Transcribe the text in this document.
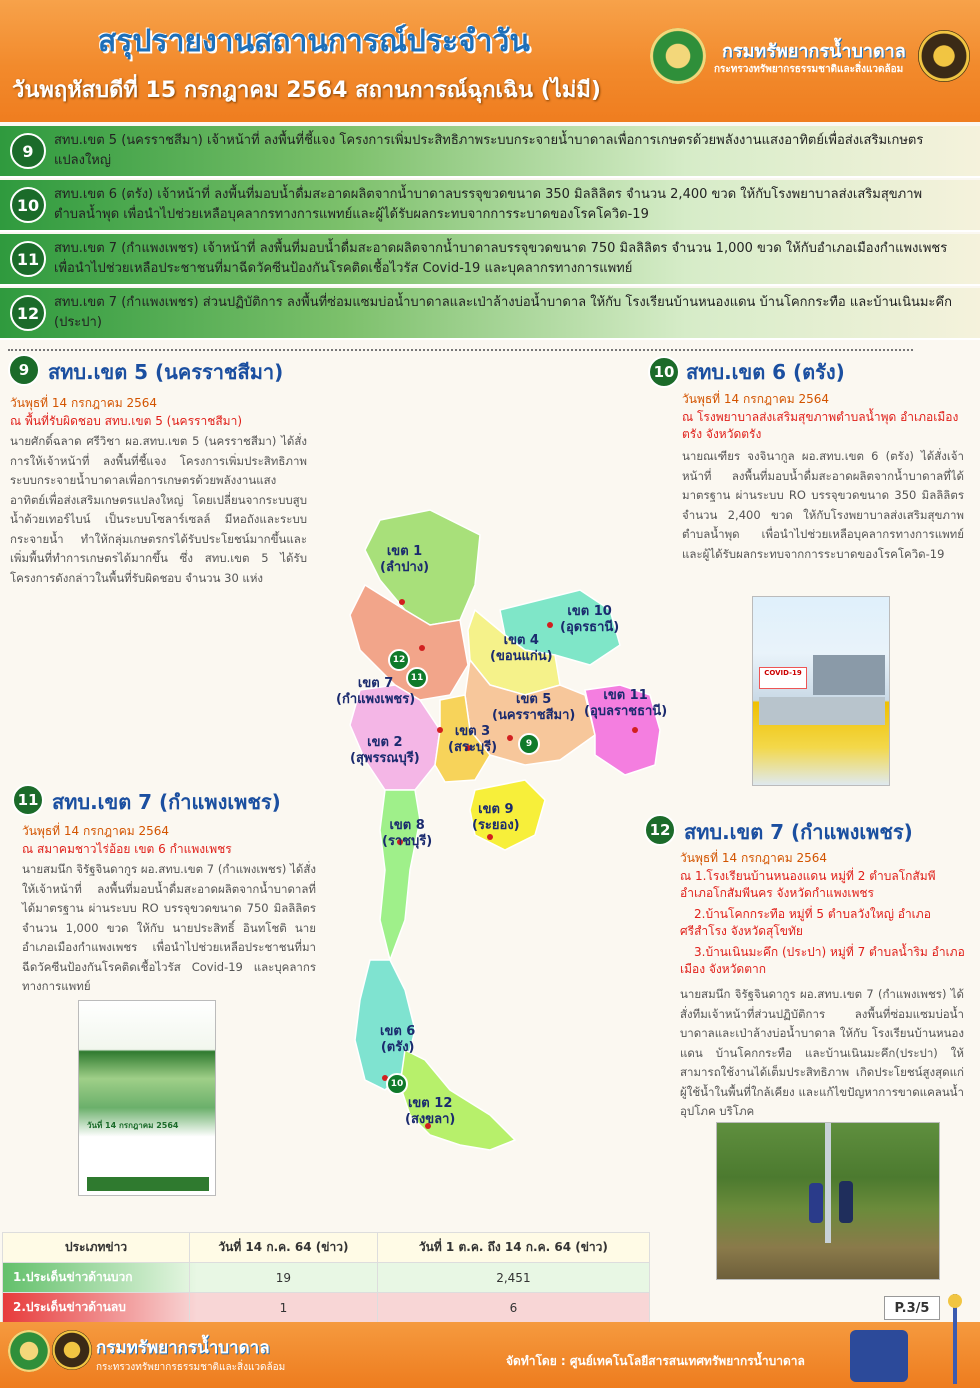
สรุปรายงานสถานการณ์ประจำวัน
วันพฤหัสบดีที่ 15 กรกฎาคม 2564 สถานการณ์ฉุกเฉิน (ไม่มี)
กรมทรัพยากรน้ำบาดาล
กระทรวงทรัพยากรธรรมชาติและสิ่งแวดล้อม
9
สทบ.เขต 5 (นครราชสีมา) เจ้าหน้าที่ ลงพื้นที่ชี้แจง โครงการเพิ่มประสิทธิภาพระบบกระจายน้ำบาดาลเพื่อการเกษตรด้วยพลังงานแสงอาทิตย์เพื่อส่งเสริมเกษตรแปลงใหญ่
10
สทบ.เขต 6 (ตรัง) เจ้าหน้าที่ ลงพื้นที่มอบน้ำดื่มสะอาดผลิตจากน้ำบาดาลบรรจุขวดขนาด 350 มิลลิลิตร จำนวน 2,400 ขวด ให้กับโรงพยาบาลส่งเสริมสุขภาพตำบลน้ำพุด เพื่อนำไปช่วยเหลือบุคลากรทางการแพทย์และผู้ได้รับผลกระทบจากการระบาดของโรคโควิด-19
11
สทบ.เขต 7 (กำแพงเพชร) เจ้าหน้าที่ ลงพื้นที่มอบน้ำดื่มสะอาดผลิตจากน้ำบาดาลบรรจุขวดขนาด 750 มิลลิลิตร จำนวน 1,000 ขวด ให้กับอำเภอเมืองกำแพงเพชร เพื่อนำไปช่วยเหลือประชาชนที่มาฉีดวัคซีนป้องกันโรคติดเชื้อไวรัส Covid-19 และบุคลากรทางการแพทย์
12
สทบ.เขต 7 (กำแพงเพชร) ส่วนปฏิบัติการ ลงพื้นที่ซ่อมแซมบ่อน้ำบาดาลและเป่าล้างบ่อน้ำบาดาล ให้กับ โรงเรียนบ้านหนองแดน บ้านโคกกระทือ และบ้านเนินมะคึก (ประปา)
9 สทบ.เขต 5 (นครราชสีมา)
วันพุธที่ 14 กรกฎาคม 2564
ณ พื้นที่รับผิดชอบ สทบ.เขต 5 (นครราชสีมา)
นายศักดิ์ฉลาด ศรีวิชา ผอ.สทบ.เขต 5 (นครราชสีมา) ได้สั่งการให้เจ้าหน้าที่ ลงพื้นที่ชี้แจง โครงการเพิ่มประสิทธิภาพระบบกระจายน้ำบาดาลเพื่อการเกษตรด้วยพลังงานแสงอาทิตย์เพื่อส่งเสริมเกษตรแปลงใหญ่ โดยเปลี่ยนจากระบบสูบน้ำด้วยเทอร์ไบน์ เป็นระบบโซลาร์เซลล์ มีหอถังและระบบกระจายน้ำ ทำให้กลุ่มเกษตรกรได้รับประโยชน์มากขึ้นและเพิ่มพื้นที่ทำการเกษตรได้มากขึ้น ซึ่ง สทบ.เขต 5 ได้รับโครงการดังกล่าวในพื้นที่รับผิดชอบ จำนวน 30 แห่ง
10 สทบ.เขต 6 (ตรัง)
วันพุธที่ 14 กรกฎาคม 2564
ณ โรงพยาบาลส่งเสริมสุขภาพตำบลน้ำพุด อำเภอเมืองตรัง จังหวัดตรัง
นายณเฑียร จงจินากูล ผอ.สทบ.เขต 6 (ตรัง) ได้สั่งเจ้าหน้าที่ ลงพื้นที่มอบน้ำดื่มสะอาดผลิตจากน้ำบาดาลที่ได้มาตรฐาน ผ่านระบบ RO บรรจุขวดขนาด 350 มิลลิลิตร จำนวน 2,400 ขวด ให้กับโรงพยาบาลส่งเสริมสุขภาพตำบลน้ำพุด เพื่อนำไปช่วยเหลือบุคลากรทางการแพทย์และผู้ได้รับผลกระทบจากการระบาดของโรคโควิด-19
11 สทบ.เขต 7 (กำแพงเพชร)
วันพุธที่ 14 กรกฎาคม 2564
ณ สมาคมชาวไร่อ้อย เขต 6 กำแพงเพชร
นายสมนึก จิรัฐจินดากูร ผอ.สทบ.เขต 7 (กำแพงเพชร) ได้สั่งให้เจ้าหน้าที่ ลงพื้นที่มอบน้ำดื่มสะอาดผลิตจากน้ำบาดาลที่ได้มาตรฐาน ผ่านระบบ RO บรรจุขวดขนาด 750 มิลลิลิตร จำนวน 1,000 ขวด ให้กับ นายประสิทธิ์ อินทโชติ นายอำเภอเมืองกำแพงเพชร เพื่อนำไปช่วยเหลือประชาชนที่มาฉีดวัคซีนป้องกันโรคติดเชื้อไวรัส Covid-19 และบุคลากรทางการแพทย์
12 สทบ.เขต 7 (กำแพงเพชร)
วันพุธที่ 14 กรกฎาคม 2564
ณ 1.โรงเรียนบ้านหนองแดน หมู่ที่ 2 ตำบลโกสัมพี อำเภอโกสัมพีนคร จังหวัดกำแพงเพชร
2.บ้านโคกกระทือ หมู่ที่ 5 ตำบลวังใหญ่ อำเภอศรีสำโรง จังหวัดสุโขทัย
3.บ้านเนินมะคึก (ประปา) หมู่ที่ 7 ตำบลน้ำริม อำเภอเมือง จังหวัดตาก
นายสมนึก จิรัฐจินดากูร ผอ.สทบ.เขต 7 (กำแพงเพชร) ได้สั่งทีมเจ้าหน้าที่ส่วนปฏิบัติการ ลงพื้นที่ซ่อมแซมบ่อน้ำบาดาลและเป่าล้างบ่อน้ำบาดาล ให้กับ โรงเรียนบ้านหนองแดน บ้านโคกกระทือ และบ้านเนินมะคึก(ประปา) ให้สามารถใช้งานได้เต็มประสิทธิภาพ เกิดประโยชน์สูงสุดแก่ผู้ใช้น้ำในพื้นที่ใกล้เคียง และแก้ไขปัญหาการขาดแคลนน้ำอุปโภค บริโภค
เขต 1
(ลำปาง)
เขต 10
(อุดรธานี)
เขต 4
(ขอนแก่น)
เขต 7
(กำแพงเพชร)	เขต 5
(นครราชสีมา)
เขต 11
(อุบลราชธานี)
เขต 3
(สระบุรี)
เขต 2
(สุพรรณบุรี)
เขต 9
(ระยอง)
เขต 8
(ราชบุรี)
เขต 6
(ตรัง)
เขต 12
(สงขลา)
12
11
9
10
COVID-19
วันที่ 14 กรกฎาคม 2564
ประเภทข่าว	วันที่ 14 ก.ค. 64 (ข่าว)	วันที่ 1 ต.ค. ถึง 14 ก.ค. 64 (ข่าว)
1.ประเด็นข่าวด้านบวก	19	2,451
2.ประเด็นข่าวด้านลบ	1	6	P.3/5
กรมทรัพยากรน้ำบาดาล
กระทรวงทรัพยากรธรรมชาติและสิ่งแวดล้อม	จัดทำโดย : ศูนย์เทคโนโลยีสารสนเทศทรัพยากรน้ำบาดาล
